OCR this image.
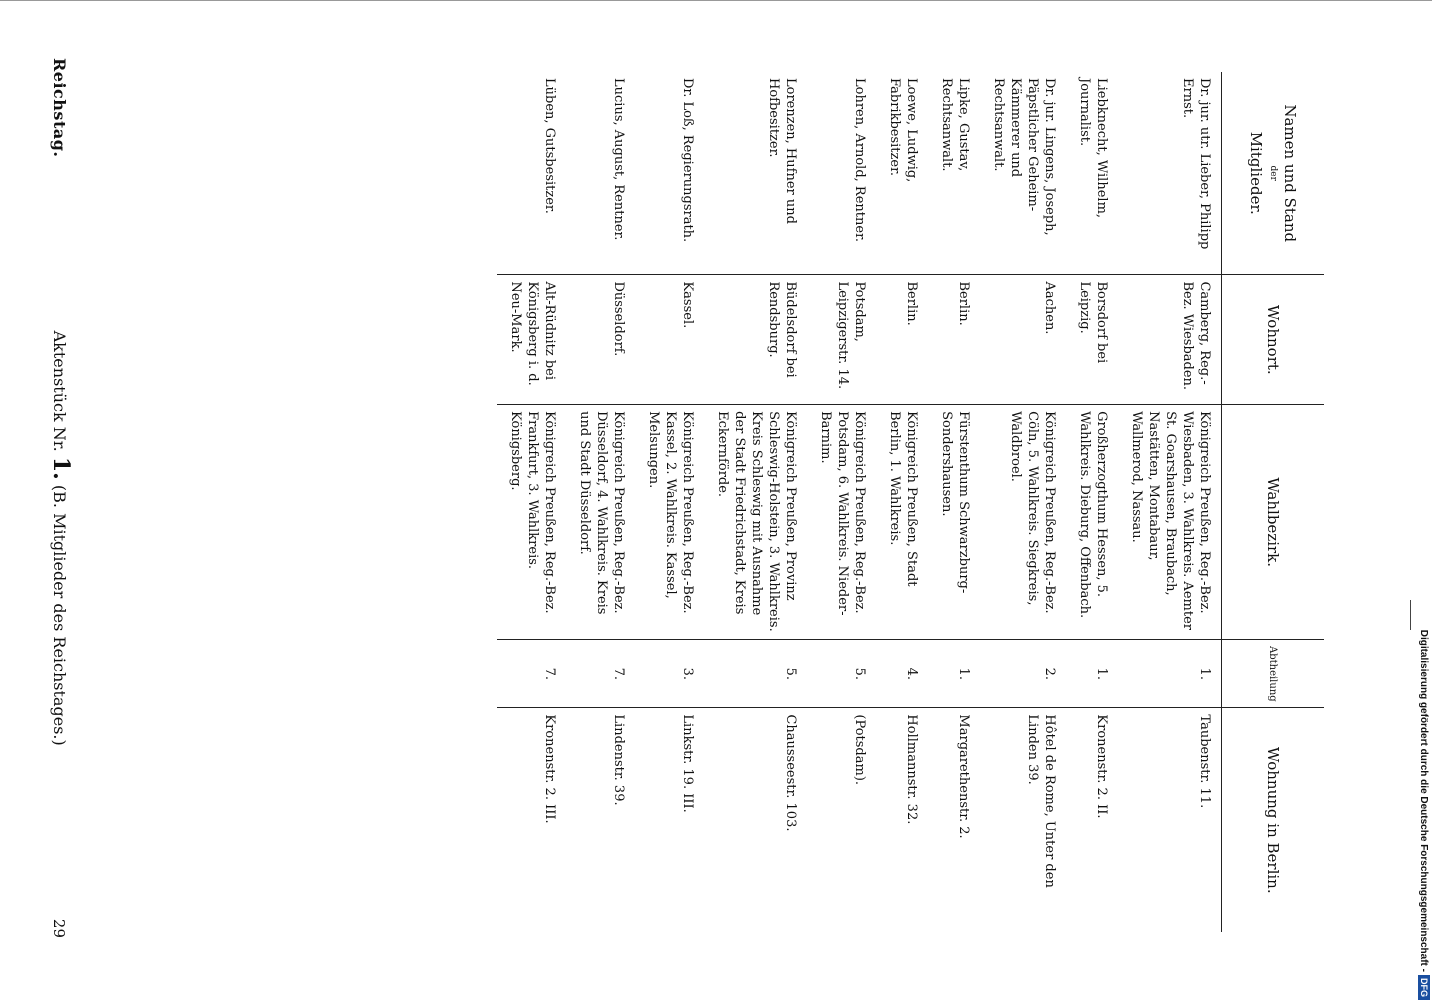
Reichstag.
Aktenstück Nr. 1. (B. Mitglieder des Reichstages.)
29
Namen und Stand
der
Mitglieder.	Wohnort.	Wahlbezirk.	Abtheilung	Wohnung in Berlin.
Dr. jur. utr. Lieber, Philipp Ernst.	Camberg, Reg.-Bez. Wiesbaden.	Königreich Preußen, Reg.-Bez. Wiesbaden, 3. Wahlkreis. Aemter St. Goarshausen, Braubach, Nastätten, Montabaur, Wallmerod, Nassau.	1.	Taubenstr. 11.
Liebknecht, Wilhelm, Journalist.	Borsdorf bei Leipzig.	Großherzogthum Hessen, 5. Wahlkreis. Dieburg, Offenbach.	1.	Kronenstr. 2. II.
Dr. jur. Lingens, Joseph, Päpstlicher Geheim-Kämmerer und Rechtsanwalt.	Aachen.	Königreich Preußen, Reg.-Bez. Cöln, 5. Wahlkreis. Siegkreis, Waldbroel.	2.	Hôtel de Rome, Unter den Linden 39.
Lipke, Gustav, Rechtsanwalt.	Berlin.	Fürstenthum Schwarzburg-Sondershausen.	1.	Margarethenstr. 2.
Loewe, Ludwig, Fabrikbesitzer.	Berlin.	Königreich Preußen, Stadt Berlin, 1. Wahlkreis.	4.	Hollmannstr. 32.
Lohren, Arnold, Rentner.	Potsdam, Leipzigerstr. 14.	Königreich Preußen, Reg.-Bez. Potsdam, 6. Wahlkreis. Nieder-Barnim.	5.	(Potsdam).
Lorenzen, Hufner und Hofbesitzer.	Büdelsdorf bei Rendsburg.	Königreich Preußen, Provinz Schleswig-Holstein, 3. Wahlkreis. Kreis Schleswig mit Ausnahme der Stadt Friedrichstadt, Kreis Eckernförde.	5.	Chausseestr. 103.
Dr. Loß, Regierungsrath.	Kassel.	Königreich Preußen, Reg.-Bez. Kassel, 2. Wahlkreis. Kassel, Melsungen.	3.	Linkstr. 19. III.
Lucius, August, Rentner.	Düsseldorf.	Königreich Preußen, Reg.-Bez. Düsseldorf, 4. Wahlkreis. Kreis und Stadt Düsseldorf.	7.	Lindenstr. 39.
Lüben, Gutsbesitzer.	Alt-Rüdnitz bei Königsberg i. d. Neu-Mark.	Königreich Preußen, Reg.-Bez. Frankfurt, 3. Wahlkreis. Königsberg.	7.	Kronenstr. 2. III.	Digitalisierung gefördert durch die Deutsche Forschungsgemeinschaft -DFG
